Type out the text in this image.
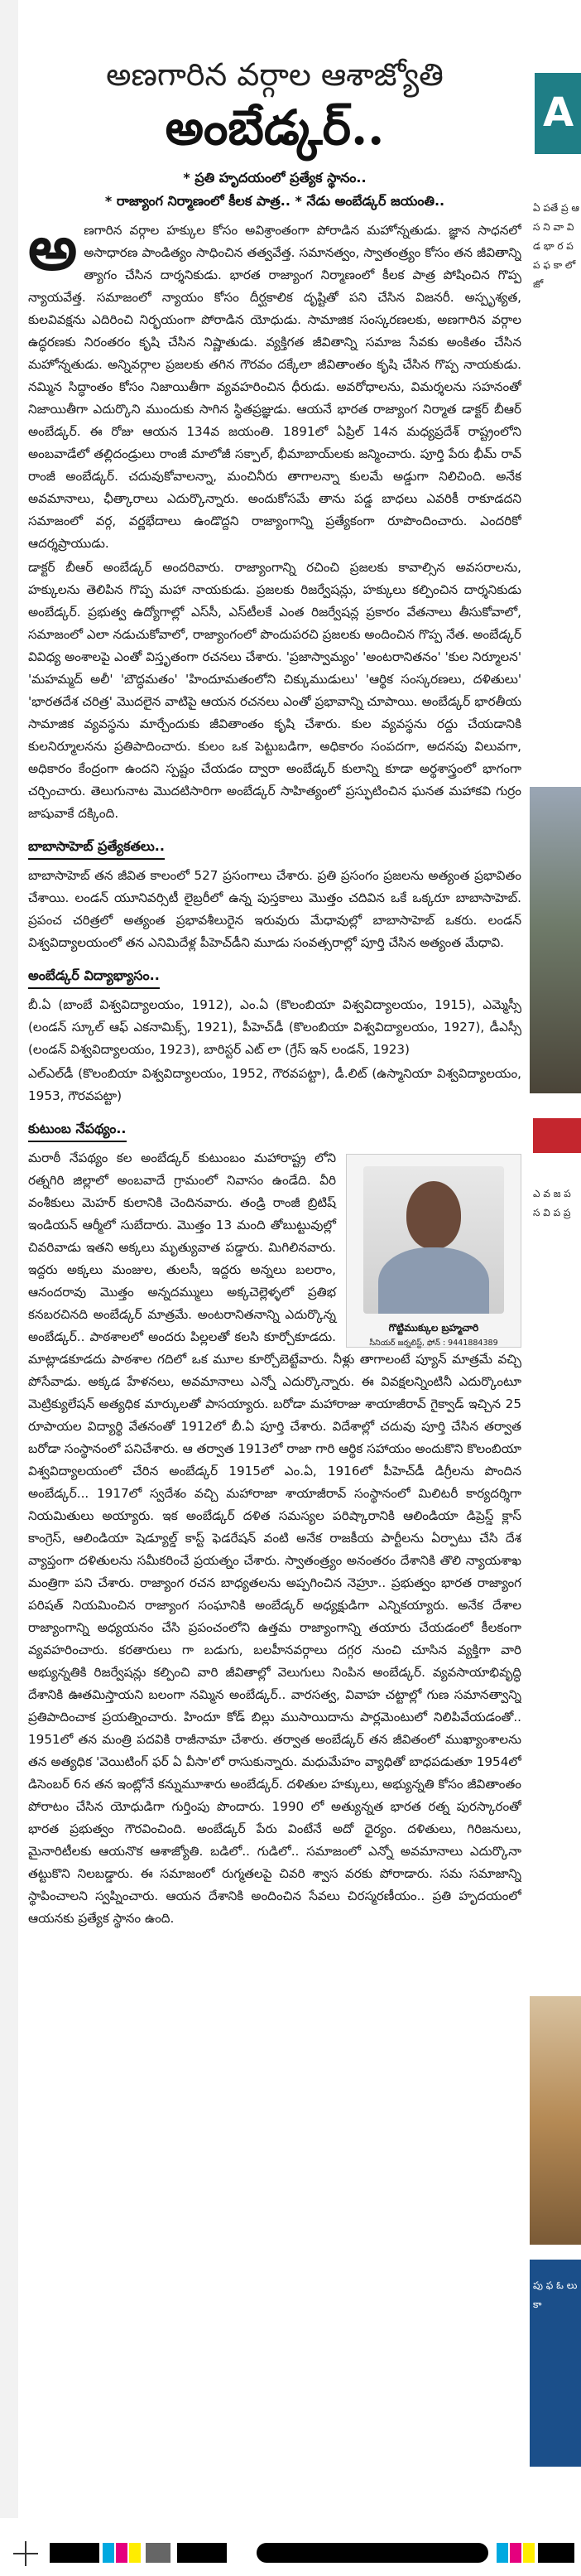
అణగారిన వర్గాల ఆశాజ్యోతి
అంబేడ్కర్..
* ప్రతి హృదయంలో ప్రత్యేక స్థానం..
* రాజ్యాంగ నిర్మాణంలో కీలక పాత్ర.. * నేడు అంబేడ్కర్ జయంతి..

అ ణగారిన వర్గాల హక్కుల కోసం అవిశ్రాంతంగా పోరాడిన మహోన్నతుడు. జ్ఞాన సాధనలో అసాధారణ పాండిత్యం సాధించిన తత్వవేత్త. సమానత్వం, స్వాతంత్ర్యం కోసం తన జీవితాన్ని త్యాగం చేసిన దార్శనికుడు. భారత రాజ్యాంగ నిర్మాణంలో కీలక పాత్ర పోషించిన గొప్ప న్యాయవేత్త. సమాజంలో న్యాయం కోసం దీర్ఘకాలిక దృష్టితో పని చేసిన విజనరీ. అస్పృశ్యత, కులవివక్షను ఎదిరించి నిర్భయంగా పోరాడిన యోధుడు. సామాజిక సంస్కరణలకు, అణగారిన వర్గాల ఉద్ధరణకు నిరంతరం కృషి చేసిన నిష్ణాతుడు. వ్యక్తిగత జీవితాన్ని సమాజ సేవకు అంకితం చేసిన మహోన్నతుడు. అన్నివర్గాల ప్రజలకు తగిన గౌరవం దక్కేలా జీవితాంతం కృషి చేసిన గొప్ప నాయకుడు. నమ్మిన సిద్ధాంతం కోసం నిజాయితీగా వ్యవహరించిన ధీరుడు. అవరోధాలను, విమర్శలను సహనంతో నిజాయితీగా ఎదుర్కొని ముందుకు సాగిన స్థితప్రజ్ఞుడు. ఆయనే భారత రాజ్యాంగ నిర్మాత డాక్టర్ బీఆర్ అంబేడ్కర్. ఈ రోజు ఆయన 134వ జయంతి. 1891లో ఏప్రిల్ 14న మధ్యప్రదేశ్ రాష్ట్రంలోని అంబవాడేలో తల్లిదండ్రులు రాంజీ మాలోజీ సక్పాల్, భీమాబాయ్‌లకు జన్మించారు. పూర్తి పేరు భీమ్ రావ్ రాంజీ అంబేడ్కర్. చదువుకోవాలన్నా, మంచినీరు తాగాలన్నా కులమే అడ్డుగా నిలిచింది. అనేక అవమానాలు, ఛీత్కారాలు ఎదుర్కొన్నారు. అందుకోసమే తాను పడ్డ బాధలు ఎవరికీ రాకూడదని సమాజంలో వర్గ, వర్ణభేదాలు ఉండొద్దని రాజ్యాంగాన్ని ప్రత్యేకంగా రూపొందించారు. ఎందరికో ఆదర్శప్రాయుడు.

డాక్టర్ బీఆర్ అంబేడ్కర్ అందరివారు. రాజ్యాంగాన్ని రచించి ప్రజలకు కావాల్సిన అవసరాలను, హక్కులను తెలిపిన గొప్ప మహా నాయకుడు. ప్రజలకు రిజర్వేషన్లు, హక్కులు కల్పించిన దార్శనికుడు అంబేడ్కర్. ప్రభుత్వ ఉద్యోగాల్లో ఎస్‌సీ, ఎస్‌టీలకే ఎంత రిజర్వేషన్ల ప్రకారం వేతనాలు తీసుకోవాలో, సమాజంలో ఎలా నడుచుకోవాలో, రాజ్యాంగంలో పొందుపరచి ప్రజలకు అందించిన గొప్ప నేత. అంబేడ్కర్ వివిధ్య అంశాలపై ఎంతో విస్తృతంగా రచనలు చేశారు. 'ప్రజాస్వామ్యం' 'అంటరానితనం' 'కుల నిర్మూలన' 'మహమ్మద్ అలీ' 'బౌద్ధమతం' 'హిందూమతంలోని చిక్కుముడులు' 'ఆర్థిక సంస్కరణలు, దళితులు' 'భారతదేశ చరిత్ర' మొదలైన వాటిపై ఆయన రచనలు ఎంతో ప్రభావాన్ని చూపాయి. అంబేడ్కర్ భారతీయ సామాజిక వ్యవస్థను మార్చేందుకు జీవితాంతం కృషి చేశారు. కుల వ్యవస్థను రద్దు చేయడానికి కులనిర్మూలనను ప్రతిపాదించారు. కులం ఒక పెట్టుబడిగా, అధికారం సంపదగా, అదనపు విలువగా, అధికారం కేంద్రంగా ఉందని స్పష్టం చేయడం ద్వారా అంబేడ్కర్ కులాన్ని కూడా అర్థశాస్త్రంలో భాగంగా చర్చించారు. తెలుగునాట మొదటిసారిగా అంబేడ్కర్ సాహిత్యంలో ప్రస్ఫుటించిన ఘనత మహాకవి గుర్రం జాషువాకే దక్కింది.

బాబాసాహెబ్ ప్రత్యేకతలు..

బాబాసాహెబ్ తన జీవిత కాలంలో 527 ప్రసంగాలు చేశారు. ప్రతి ప్రసంగం ప్రజలను అత్యంత ప్రభావితం చేశాయి. లండన్ యూనివర్సిటీ లైబ్రరీలో ఉన్న పుస్తకాలు మొత్తం చదివిన ఒకే ఒక్కరూ బాబాసాహెబ్. ప్రపంచ చరిత్రలో అత్యంత ప్రభావశీలురైన ఇరువురు మేధావుల్లో బాబాసాహెబ్ ఒకరు. లండన్ విశ్వవిద్యాలయంలో తన ఎనిమిదేళ్ల పీహెచ్‌డీని మూడు సంవత్సరాల్లో పూర్తి చేసిన అత్యంత మేధావి.

అంబేడ్కర్ విద్యాభ్యాసం..

బీ.ఏ (బాంబే విశ్వవిద్యాలయం, 1912), ఎం.ఏ (కొలంబియా విశ్వవిద్యాలయం, 1915), ఎమ్మెస్సీ (లండన్ స్కూల్ ఆఫ్ ఎకనామిక్స్, 1921), పీహెచ్‌డీ (కొలంబియా విశ్వవిద్యాలయం, 1927), డీఎస్సీ (లండన్ విశ్వవిద్యాలయం, 1923), బారిస్టర్ ఎట్ లా (గ్రేస్ ఇన్ లండన్, 1923)

ఎల్ఎల్‌డీ (కొలంబియా విశ్వవిద్యాలయం, 1952, గౌరవపట్టా), డీ.లిట్ (ఉస్మానియా విశ్వవిద్యాలయం, 1953, గౌరవపట్టా)

కుటుంబ నేపథ్యం..
గొట్టిముక్కుల బ్రహ్మచారి
సీనియర్ జర్నలిస్ట్, ఫోన్ : 9441884389

మరాఠీ నేపథ్యం కల అంబేడ్కర్ కుటుంబం మహారాష్ట్ర లోని రత్నగిరి జిల్లాలో అంబవాదే గ్రామంలో నివాసం ఉండేది. వీరి వంశీకులు మెహర్ కులానికి చెందినవారు. తండ్రి రాంజీ బ్రిటిష్ ఇండియన్ ఆర్మీలో సుబేదారు. మొత్తం 13 మంది తోబుట్టువుల్లో చివరివాడు ఇతని అక్కలు మృత్యువాత పడ్డారు. మిగిలినవారు. ఇద్దరు అక్కలు మంజుల, తులసీ, ఇద్దరు అన్నలు బలరాం, ఆనందరావు మొత్తం అన్నదమ్ములు అక్కచెల్లెళ్ళలో ప్రతిభ కనబరచినది అంబేడ్కర్ మాత్రమే. అంటరానితనాన్ని ఎదుర్కొన్న అంబేడ్కర్.. పాఠశాలలో అందరు పిల్లలతో కలసి కూర్చోకూడదు. మాట్లాడకూడదు పాఠశాల గదిలో ఒక మూల కూర్చోబెట్టేవారు. నీళ్లు తాగాలంటే ప్యూన్ మాత్రమే వచ్చి పోసేవాడు. అక్కడ హేళనలు, అవమానాలు ఎన్నో ఎదుర్కొన్నారు. ఈ వివక్షలన్నింటినీ ఎదుర్కొంటూ మెట్రిక్యులేషన్ అత్యధిక మార్కులతో పాసయ్యారు. బరోడా మహారాజు శాయాజీరావ్ గైక్వాడ్ ఇచ్చిన 25 రూపాయల విద్యార్థి వేతనంతో 1912లో బీ.ఏ పూర్తి చేశారు. విదేశాల్లో చదువు పూర్తి చేసిన తర్వాత బరోడా సంస్థానంలో పనిచేశారు. ఆ తర్వాత 1913లో రాజా గారి ఆర్థిక సహాయం అందుకొని కొలంబియా విశ్వవిద్యాలయంలో చేరిన అంబేడ్కర్ 1915లో ఎం.ఏ, 1916లో పీహెచ్‌డీ డిగ్రీలను పొందిన అంబేడ్కర్... 1917లో స్వదేశం వచ్చి మహారాజా శాయాజీరావ్ సంస్థానంలో మిలిటరీ కార్యదర్శిగా నియమితులు అయ్యారు. ఇక అంబేడ్కర్ దళిత సమస్యల పరిష్కారానికి ఆలిండియా డిప్రెస్డ్ క్లాస్ కాంగ్రెస్, ఆలిండియా షెడ్యూల్డ్ కాస్ట్ ఫెడరేషన్ వంటి అనేక రాజకీయ పార్టీలను ఏర్పాటు చేసి దేశ వ్యాప్తంగా దళితులను సమీకరించే ప్రయత్నం చేశారు. స్వాతంత్ర్యం అనంతరం దేశానికి తొలి న్యాయశాఖ మంత్రిగా పని చేశారు. రాజ్యాంగ రచన బాధ్యతలను అప్పగించిన నెహ్రూ.. ప్రభుత్వం భారత రాజ్యాంగ పరిషత్ నియమించిన రాజ్యాంగ సంఘానికి అంబేడ్కర్ అధ్యక్షుడిగా ఎన్నికయ్యారు. అనేక దేశాల రాజ్యాంగాన్ని అధ్యయనం చేసి ప్రపంచంలోని ఉత్తమ రాజ్యాంగాన్ని తయారు చేయడంలో కీలకంగా వ్యవహరించారు. కరతారులు గా బడుగు, బలహీనవర్గాలు దగ్గర నుంచి చూసిన వ్యక్తిగా వారి అభ్యున్నతికి రిజర్వేషన్లు కల్పించి వారి జీవితాల్లో వెలుగులు నింపిన అంబేడ్కర్. వ్యవసాయాభివృద్ధి దేశానికి ఊతమిస్తాయని బలంగా నమ్మిన అంబేడ్కర్.. వారసత్వ, వివాహ చట్టాల్లో గుణ సమానత్వాన్ని ప్రతిపాదించాక ప్రయత్నించారు. హిందూ కోడ్ బిల్లు ముసాయిదాను పార్లమెంటులో నిలిపివేయడంతో.. 1951లో తన మంత్రి పదవికి రాజీనామా చేశారు. తర్వాత అంబేడ్కర్ తన జీవితంలో ముఖ్యాంశాలను తన అత్యధిక 'వెయిటింగ్ ఫర్ ఏ వీసా'లో రాసుకున్నారు. మధుమేహం వ్యాధితో బాధపడుతూ 1954లో డిసెంబర్ 6న తన ఇంట్లోనే కన్నుమూశారు అంబేడ్కర్. దళితుల హక్కులు, అభ్యున్నతి కోసం జీవితాంతం పోరాటం చేసిన యోధుడిగా గుర్తింపు పొందారు. 1990 లో అత్యున్నత భారత రత్న పురస్కారంతో భారత ప్రభుత్వం గౌరవించింది. అంబేడ్కర్ పేరు వింటేనే అదో ధైర్యం. దళితులు, గిరిజనులు, మైనారిటీలకు ఆయనొక ఆశాజ్యోతి. బడిలో.. గుడిలో.. సమాజంలో ఎన్నో అవమానాలు ఎదుర్కొనా తట్టుకొని నిలబడ్డారు. ఈ సమాజంలో రుగ్మతలపై చివరి శ్వాస వరకు పోరాడారు. సమ సమాజాన్ని స్థాపించాలని స్వప్నించారు. ఆయన దేశానికి అందించిన సేవలు చిరస్మరణీయం.. ప్రతి హృదయంలో ఆయనకు ప్రత్యేక స్థానం ఉంది.

A
ఏ పతే ప్ర ఆ స ని వా వి డ భా ర ప ప ఫ కా లో జో
ఎ వ జ ప స వి ప ప్ర
పు ఫ ఓ లు కా
